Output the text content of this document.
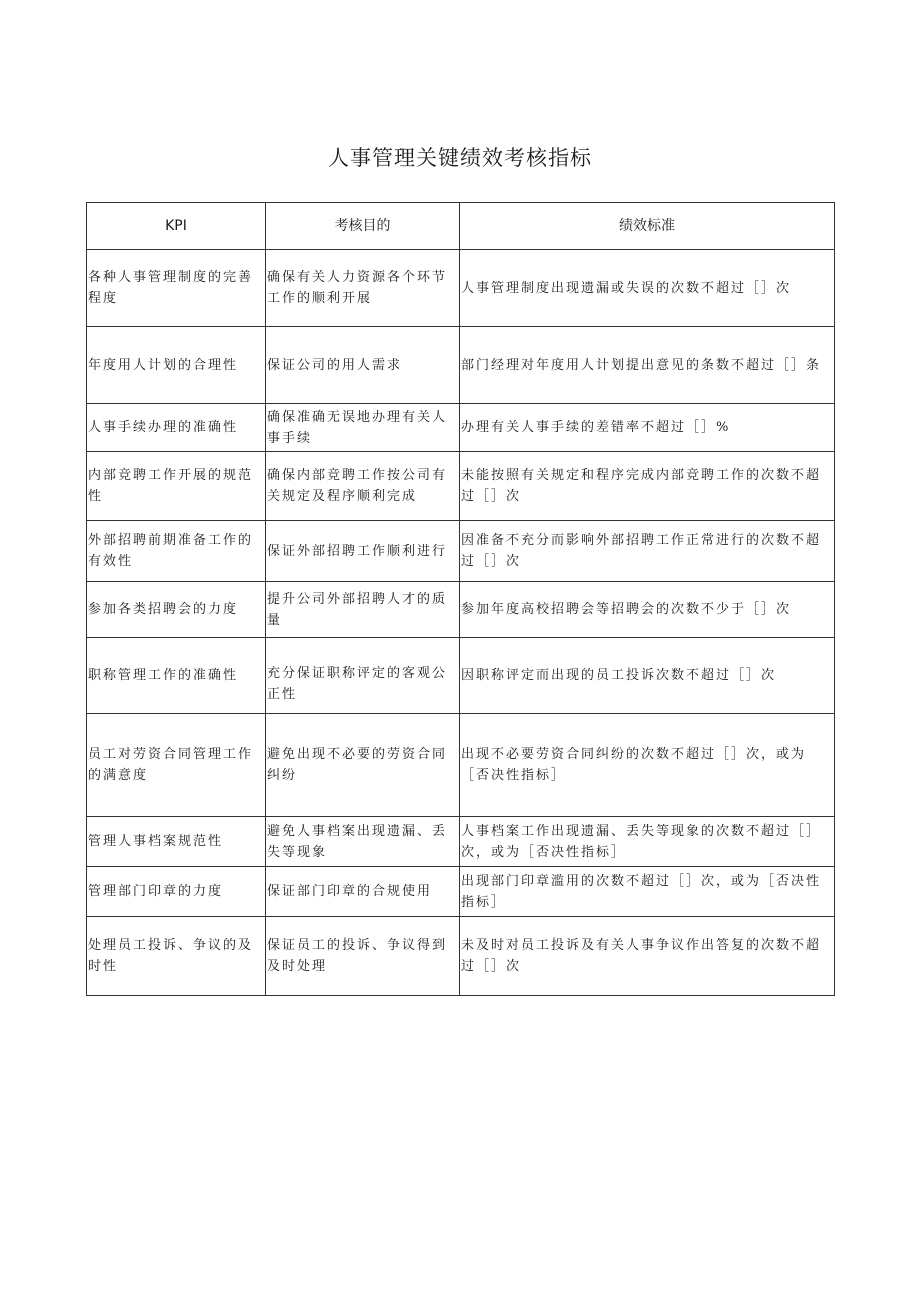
人事管理关键绩效考核指标
KPI	考核目的	绩效标准
各种人事管理制度的完善程度	确保有关人力资源各个环节工作的顺利开展	人事管理制度出现遗漏或失误的次数不超过［］次
年度用人计划的合理性	保证公司的用人需求	部门经理对年度用人计划提出意见的条数不超过［］条
人事手续办理的准确性	确保准确无误地办理有关人事手续	办理有关人事手续的差错率不超过［］%
内部竞聘工作开展的规范性	确保内部竞聘工作按公司有关规定及程序顺利完成	未能按照有关规定和程序完成内部竞聘工作的次数不超过［］次
外部招聘前期准备工作的有效性	保证外部招聘工作顺利进行	因准备不充分而影响外部招聘工作正常进行的次数不超过［］次
参加各类招聘会的力度	提升公司外部招聘人才的质量	参加年度高校招聘会等招聘会的次数不少于［］次
职称管理工作的准确性	充分保证职称评定的客观公正性	因职称评定而出现的员工投诉次数不超过［］次
员工对劳资合同管理工作的满意度	避免出现不必要的劳资合同纠纷	出现不必要劳资合同纠纷的次数不超过［］次，或为［否决性指标］
管理人事档案规范性	避免人事档案出现遗漏、丢失等现象	人事档案工作出现遗漏、丢失等现象的次数不超过［］次，或为［否决性指标］
管理部门印章的力度	保证部门印章的合规使用	出现部门印章滥用的次数不超过［］次，或为［否决性指标］
处理员工投诉、争议的及时性	保证员工的投诉、争议得到及时处理	未及时对员工投诉及有关人事争议作出答复的次数不超过［］次
